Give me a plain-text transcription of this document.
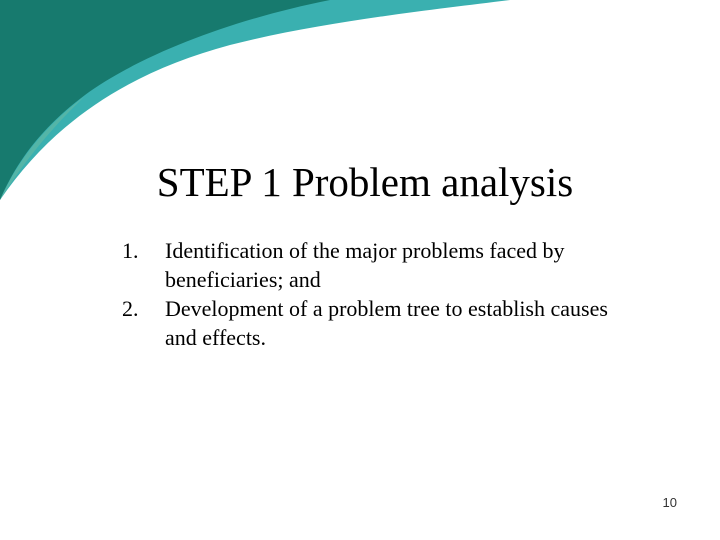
STEP 1 Problem analysis
1. Identification of the major problems faced by beneficiaries; and
2. Development of a problem tree to establish causes and effects.
10
